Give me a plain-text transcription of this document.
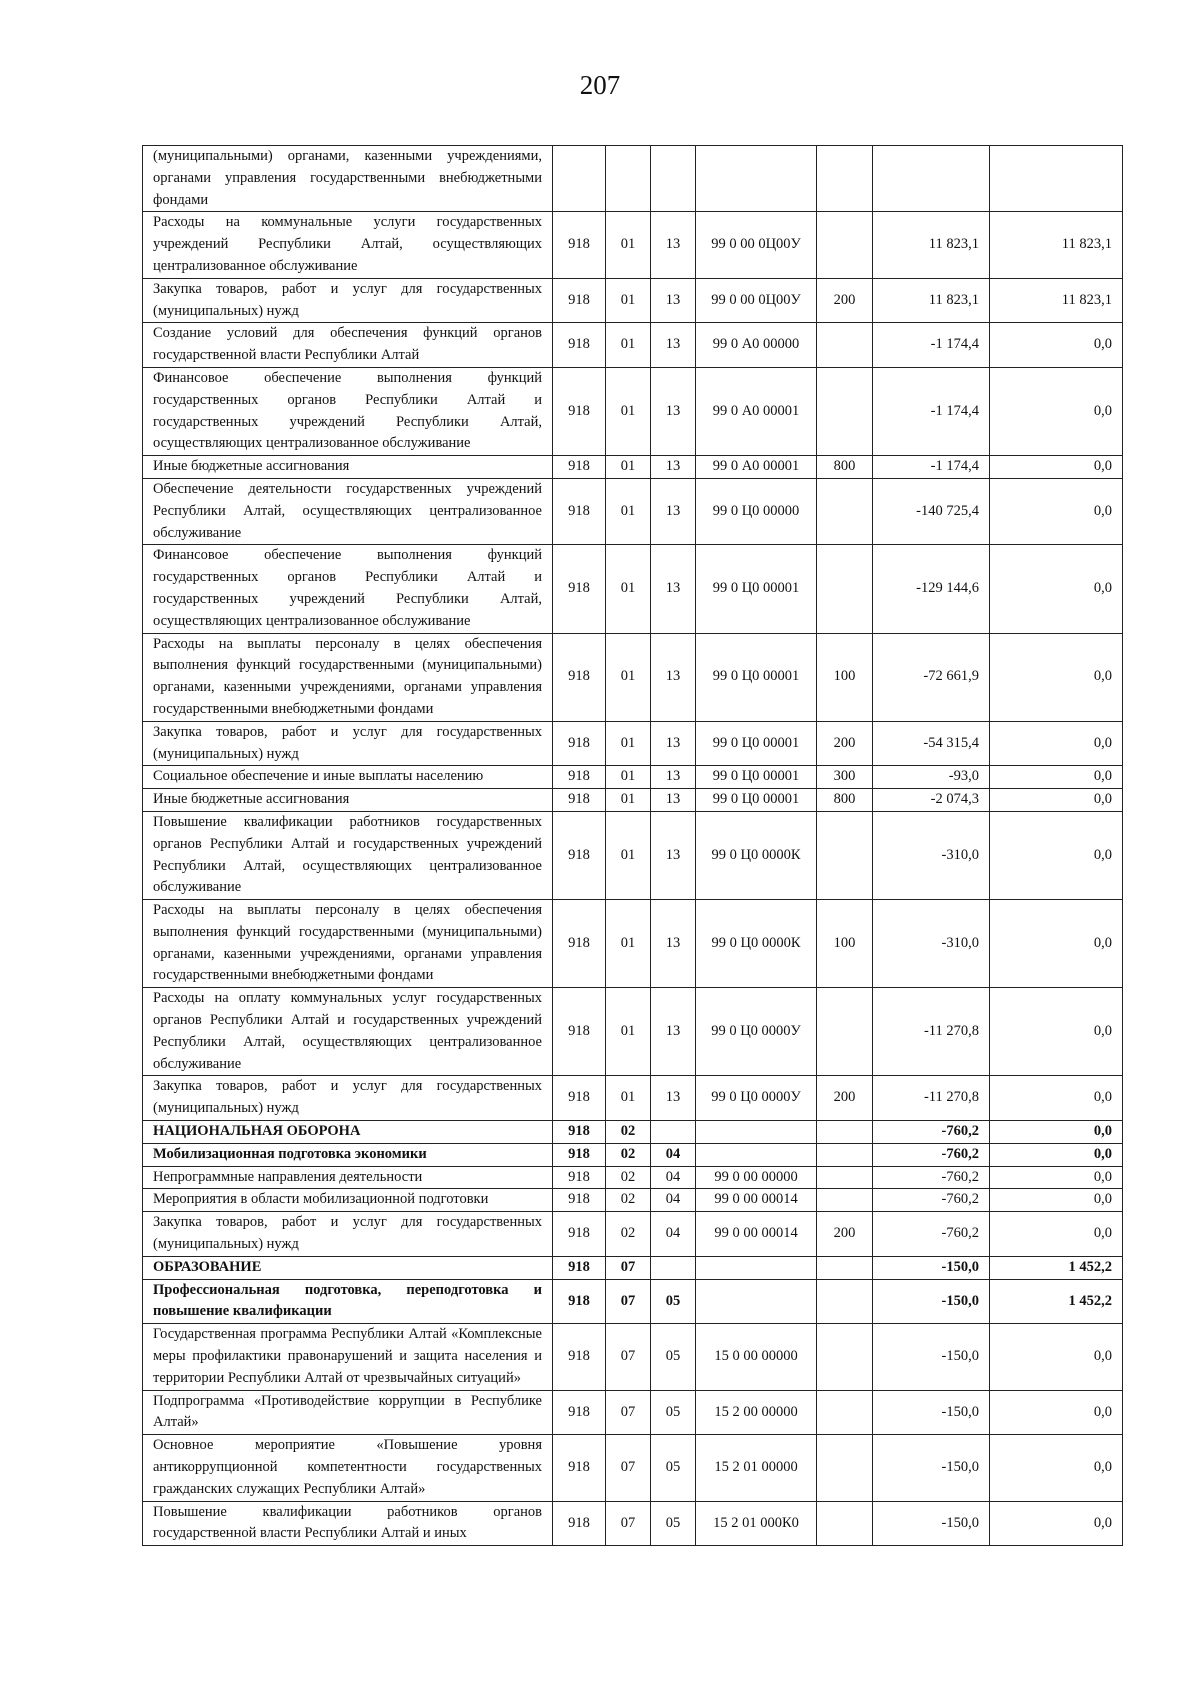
207
(муниципальными) органами, казенными учреждениями, органами управления государственными внебюджетными фондами							
Расходы на коммунальные услуги государственных учреждений Республики Алтай, осуществляющих централизованное обслуживание	918	01	13	99 0 00 0Ц00У		11 823,1	11 823,1
Закупка товаров, работ и услуг для государственных (муниципальных) нужд	918	01	13	99 0 00 0Ц00У	200	11 823,1	11 823,1
Создание условий для обеспечения функций органов государственной власти Республики Алтай	918	01	13	99 0 А0 00000		-1 174,4	0,0
Финансовое обеспечение выполнения функций государственных органов Республики Алтай и государственных учреждений Республики Алтай, осуществляющих централизованное обслуживание	918	01	13	99 0 А0 00001		-1 174,4	0,0
Иные бюджетные ассигнования	918	01	13	99 0 А0 00001	800	-1 174,4	0,0
Обеспечение деятельности государственных учреждений Республики Алтай, осуществляющих централизованное обслуживание	918	01	13	99 0 Ц0 00000		-140 725,4	0,0
Финансовое обеспечение выполнения функций государственных органов Республики Алтай и государственных учреждений Республики Алтай, осуществляющих централизованное обслуживание	918	01	13	99 0 Ц0 00001		-129 144,6	0,0
Расходы на выплаты персоналу в целях обеспечения выполнения функций государственными (муниципальными) органами, казенными учреждениями, органами управления государственными внебюджетными фондами	918	01	13	99 0 Ц0 00001	100	-72 661,9	0,0
Закупка товаров, работ и услуг для государственных (муниципальных) нужд	918	01	13	99 0 Ц0 00001	200	-54 315,4	0,0
Социальное обеспечение и иные выплаты населению	918	01	13	99 0 Ц0 00001	300	-93,0	0,0
Иные бюджетные ассигнования	918	01	13	99 0 Ц0 00001	800	-2 074,3	0,0
Повышение квалификации работников государственных органов Республики Алтай и государственных учреждений Республики Алтай, осуществляющих централизованное обслуживание	918	01	13	99 0 Ц0 0000К		-310,0	0,0
Расходы на выплаты персоналу в целях обеспечения выполнения функций государственными (муниципальными) органами, казенными учреждениями, органами управления государственными внебюджетными фондами	918	01	13	99 0 Ц0 0000К	100	-310,0	0,0
Расходы на оплату коммунальных услуг государственных органов Республики Алтай и государственных учреждений Республики Алтай, осуществляющих централизованное обслуживание	918	01	13	99 0 Ц0 0000У		-11 270,8	0,0
Закупка товаров, работ и услуг для государственных (муниципальных) нужд	918	01	13	99 0 Ц0 0000У	200	-11 270,8	0,0
НАЦИОНАЛЬНАЯ ОБОРОНА	918	02				-760,2	0,0
Мобилизационная подготовка экономики	918	02	04			-760,2	0,0
Непрограммные направления деятельности	918	02	04	99 0 00 00000		-760,2	0,0
Мероприятия в области мобилизационной подготовки	918	02	04	99 0 00 00014		-760,2	0,0
Закупка товаров, работ и услуг для государственных (муниципальных) нужд	918	02	04	99 0 00 00014	200	-760,2	0,0
ОБРАЗОВАНИЕ	918	07				-150,0	1 452,2
Профессиональная подготовка, переподготовка и повышение квалификации	918	07	05			-150,0	1 452,2
Государственная программа Республики Алтай «Комплексные меры профилактики правонарушений и защита населения и территории Республики Алтай от чрезвычайных ситуаций»	918	07	05	15 0 00 00000		-150,0	0,0
Подпрограмма «Противодействие коррупции в Республике Алтай»	918	07	05	15 2 00 00000		-150,0	0,0
Основное мероприятие «Повышение уровня антикоррупционной компетентности государственных гражданских служащих Республики Алтай»	918	07	05	15 2 01 00000		-150,0	0,0
Повышение квалификации работников органов государственной власти Республики Алтай и иных	918	07	05	15 2 01 000К0		-150,0	0,0
